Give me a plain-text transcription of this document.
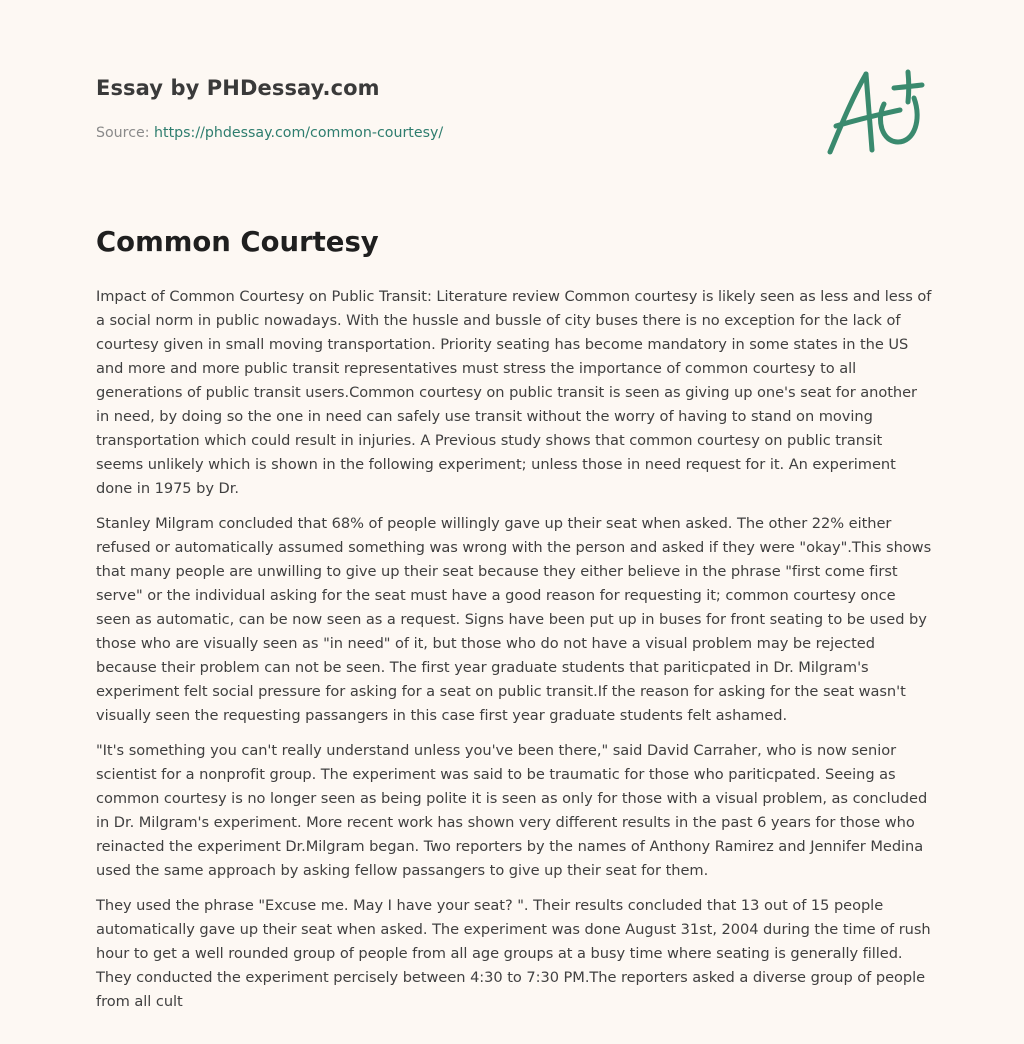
Essay by PHDessay.com
Source: https://phdessay.com/common-courtesy/
Common Courtesy

Impact of Common Courtesy on Public Transit: Literature review Common courtesy is likely seen as less and less of a social norm in public nowadays. With the hussle and bussle of city buses there is no exception for the lack of courtesy given in small moving transportation. Priority seating has become mandatory in some states in the US and more and more public transit representatives must stress the importance of common courtesy to all generations of public transit users.Common courtesy on public transit is seen as giving up one's seat for another in need, by doing so the one in need can safely use transit without the worry of having to stand on moving transportation which could result in injuries. A Previous study shows that common courtesy on public transit seems unlikely which is shown in the following experiment; unless those in need request for it. An experiment done in 1975 by Dr.

Stanley Milgram concluded that 68% of people willingly gave up their seat when asked. The other 22% either refused or automatically assumed something was wrong with the person and asked if they were "okay".This shows that many people are unwilling to give up their seat because they either believe in the phrase "first come first serve" or the individual asking for the seat must have a good reason for requesting it; common courtesy once seen as automatic, can be now seen as a request. Signs have been put up in buses for front seating to be used by those who are visually seen as "in need" of it, but those who do not have a visual problem may be rejected because their problem can not be seen. The first year graduate students that pariticpated in Dr. Milgram's experiment felt social pressure for asking for a seat on public transit.If the reason for asking for the seat wasn't visually seen the requesting passangers in this case first year graduate students felt ashamed.

"It's something you can't really understand unless you've been there," said David Carraher, who is now senior scientist for a nonprofit group. The experiment was said to be traumatic for those who pariticpated. Seeing as common courtesy is no longer seen as being polite it is seen as only for those with a visual problem, as concluded in Dr. Milgram's experiment. More recent work has shown very different results in the past 6 years for those who reinacted the experiment Dr.Milgram began. Two reporters by the names of Anthony Ramirez and Jennifer Medina used the same approach by asking fellow passangers to give up their seat for them.

They used the phrase "Excuse me. May I have your seat? ". Their results concluded that 13 out of 15 people automatically gave up their seat when asked. The experiment was done August 31st, 2004 during the time of rush hour to get a well rounded group of people from all age groups at a busy time where seating is generally filled. They conducted the experiment percisely between 4:30 to 7:30 PM.The reporters asked a diverse group of people from all cult
